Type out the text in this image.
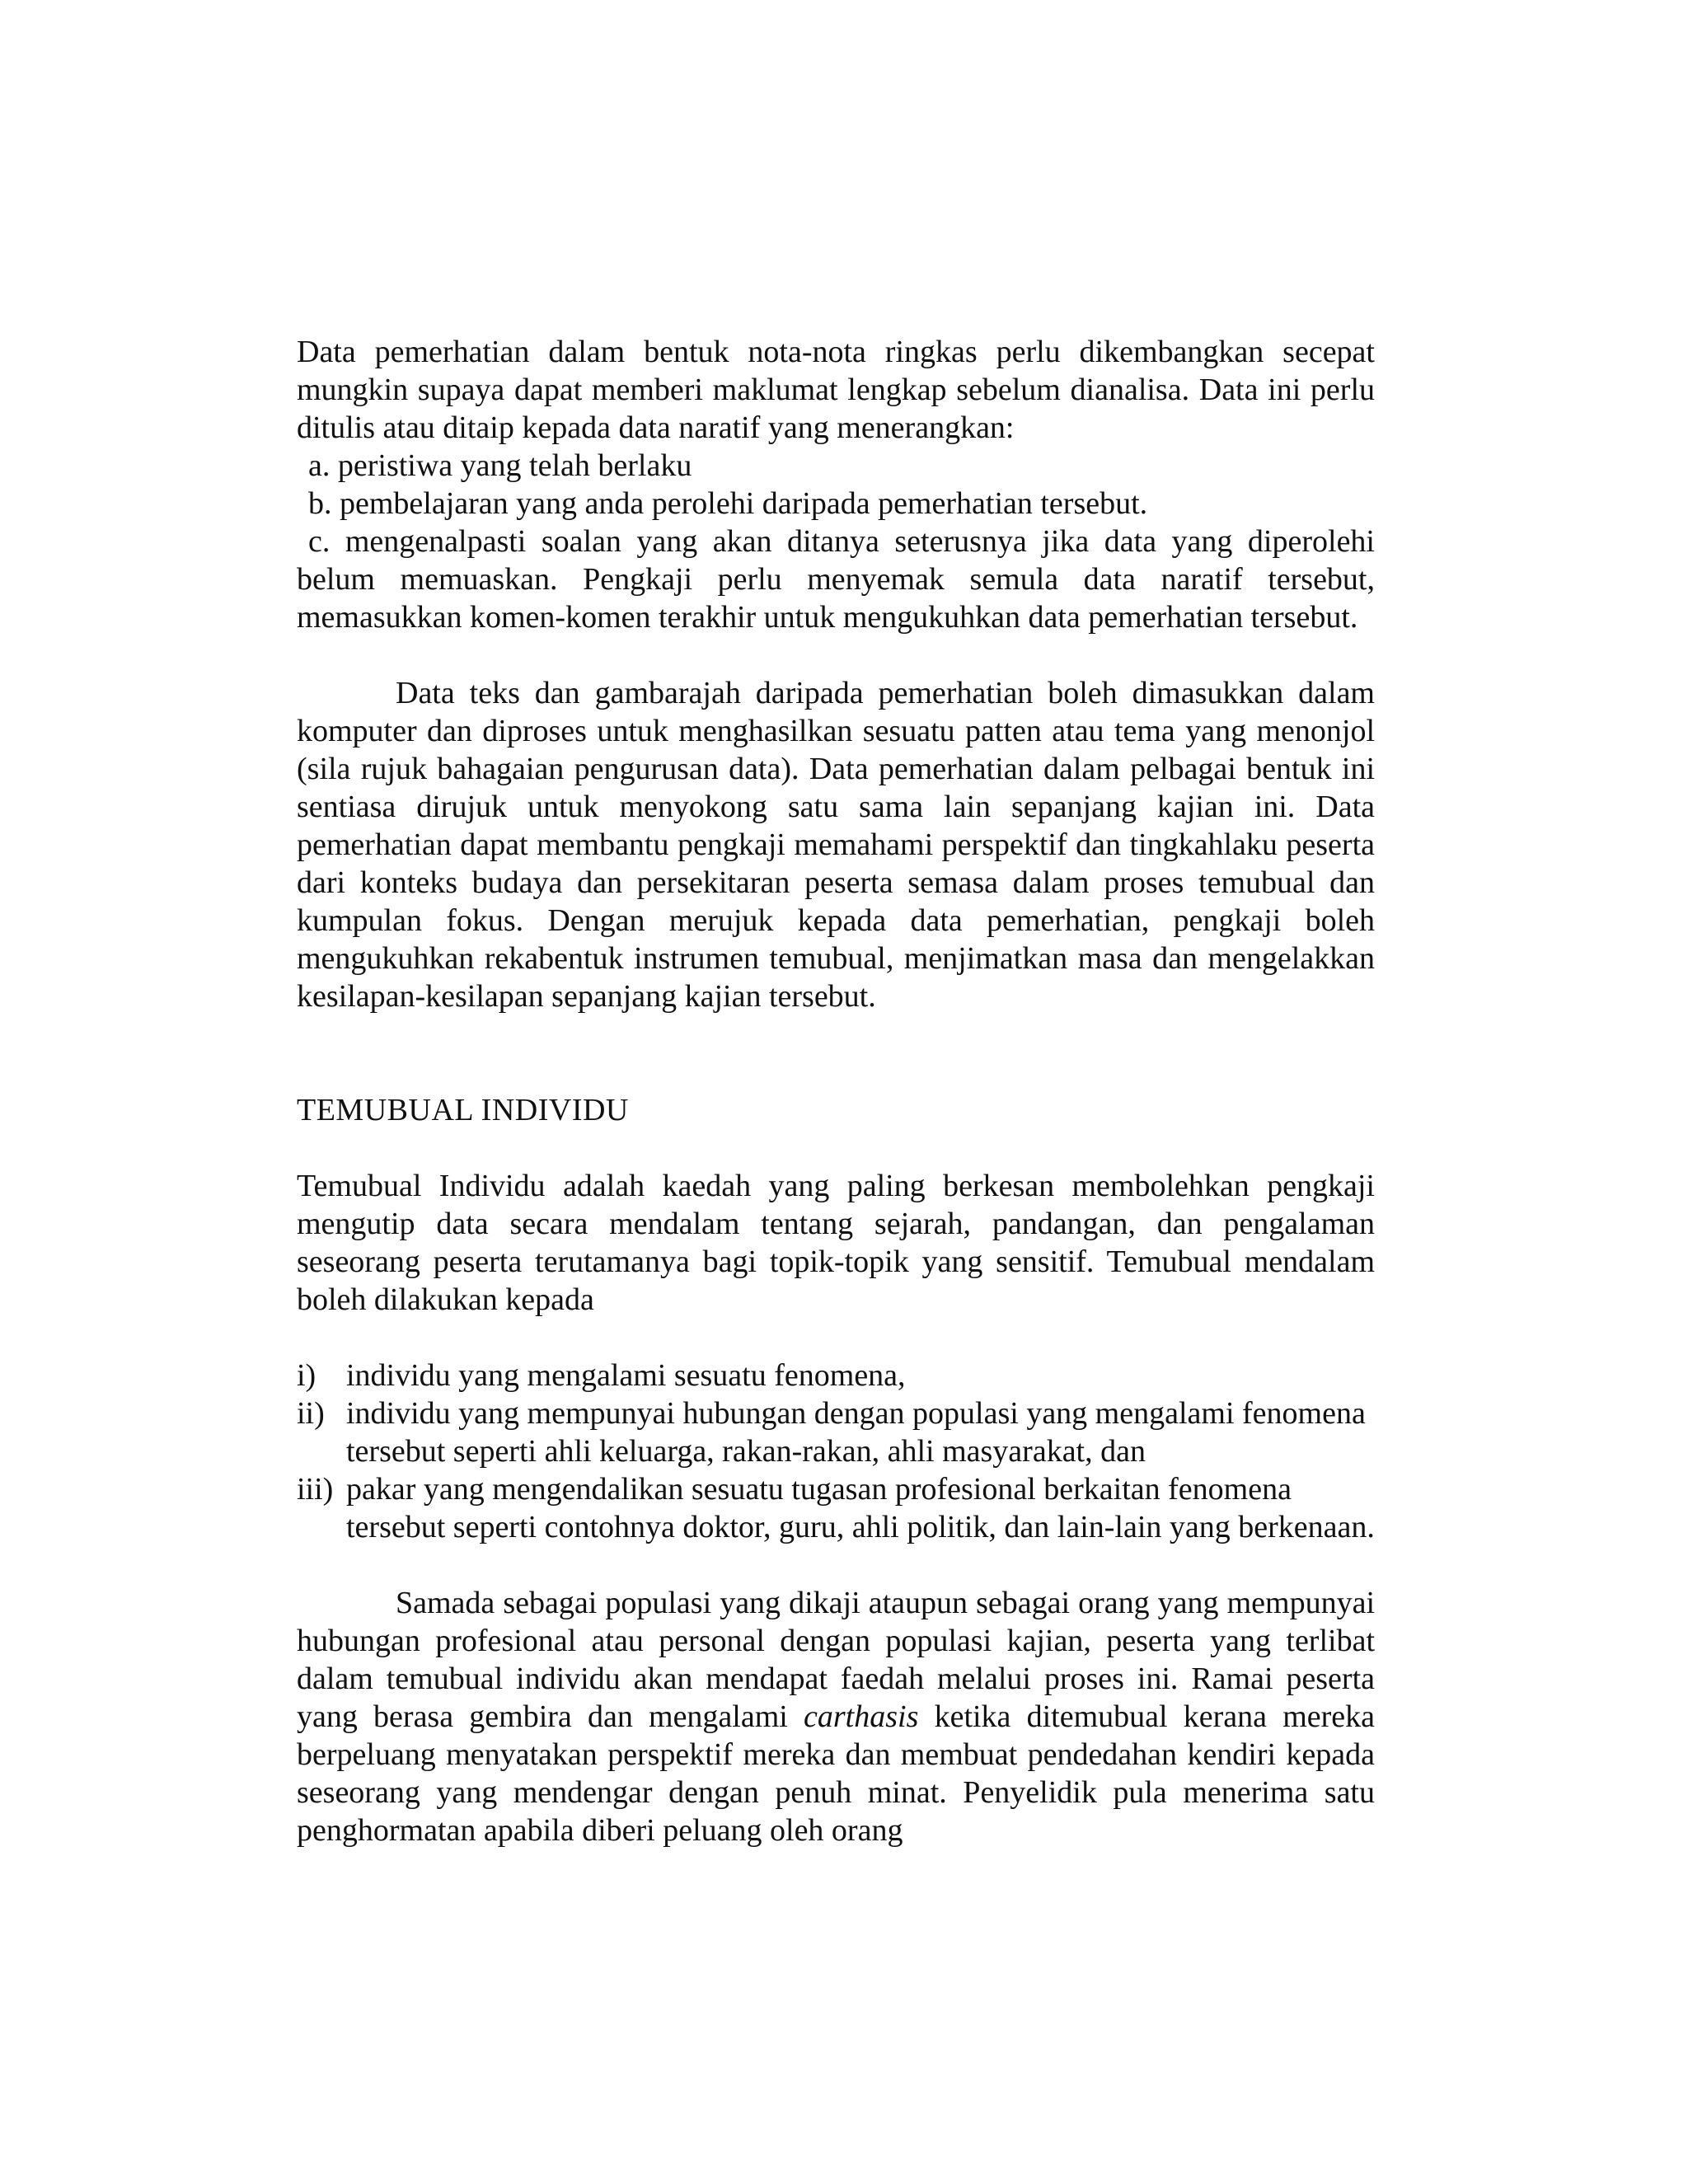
Data pemerhatian dalam bentuk nota-nota ringkas perlu dikembangkan secepat mungkin supaya dapat memberi maklumat lengkap sebelum dianalisa. Data ini perlu ditulis atau ditaip kepada data naratif yang menerangkan:

a. peristiwa yang telah berlaku
b. pembelajaran yang anda perolehi daripada pemerhatian tersebut.
c. mengenalpasti soalan yang akan ditanya seterusnya jika data yang diperolehi belum memuaskan. Pengkaji perlu menyemak semula data naratif tersebut, memasukkan komen-komen terakhir untuk mengukuhkan data pemerhatian tersebut.

Data teks dan gambarajah daripada pemerhatian boleh dimasukkan dalam komputer dan diproses untuk menghasilkan sesuatu patten atau tema yang menonjol (sila rujuk bahagaian pengurusan data). Data pemerhatian dalam pelbagai bentuk ini sentiasa dirujuk untuk menyokong satu sama lain sepanjang kajian ini. Data pemerhatian dapat membantu pengkaji memahami perspektif dan tingkahlaku peserta dari konteks budaya dan persekitaran peserta semasa dalam proses temubual dan kumpulan fokus. Dengan merujuk kepada data pemerhatian, pengkaji boleh mengukuhkan rekabentuk instrumen temubual, menjimatkan masa dan mengelakkan kesilapan-kesilapan sepanjang kajian tersebut.

TEMUBUAL INDIVIDU

Temubual Individu adalah kaedah yang paling berkesan membolehkan pengkaji mengutip data secara mendalam tentang sejarah, pandangan, dan pengalaman seseorang peserta terutamanya bagi topik-topik yang sensitif. Temubual mendalam boleh dilakukan kepada

i) individu yang mengalami sesuatu fenomena,
ii) individu yang mempunyai hubungan dengan populasi yang mengalami fenomena tersebut seperti ahli keluarga, rakan-rakan, ahli masyarakat, dan
iii) pakar yang mengendalikan sesuatu tugasan profesional berkaitan fenomena tersebut seperti contohnya doktor, guru, ahli politik, dan lain-lain yang berkenaan.

Samada sebagai populasi yang dikaji ataupun sebagai orang yang mempunyai hubungan profesional atau personal dengan populasi kajian, peserta yang terlibat dalam temubual individu akan mendapat faedah melalui proses ini. Ramai peserta yang berasa gembira dan mengalami carthasis ketika ditemubual kerana mereka berpeluang menyatakan perspektif mereka dan membuat pendedahan kendiri kepada seseorang yang mendengar dengan penuh minat. Penyelidik pula menerima satu penghormatan apabila diberi peluang oleh orang
